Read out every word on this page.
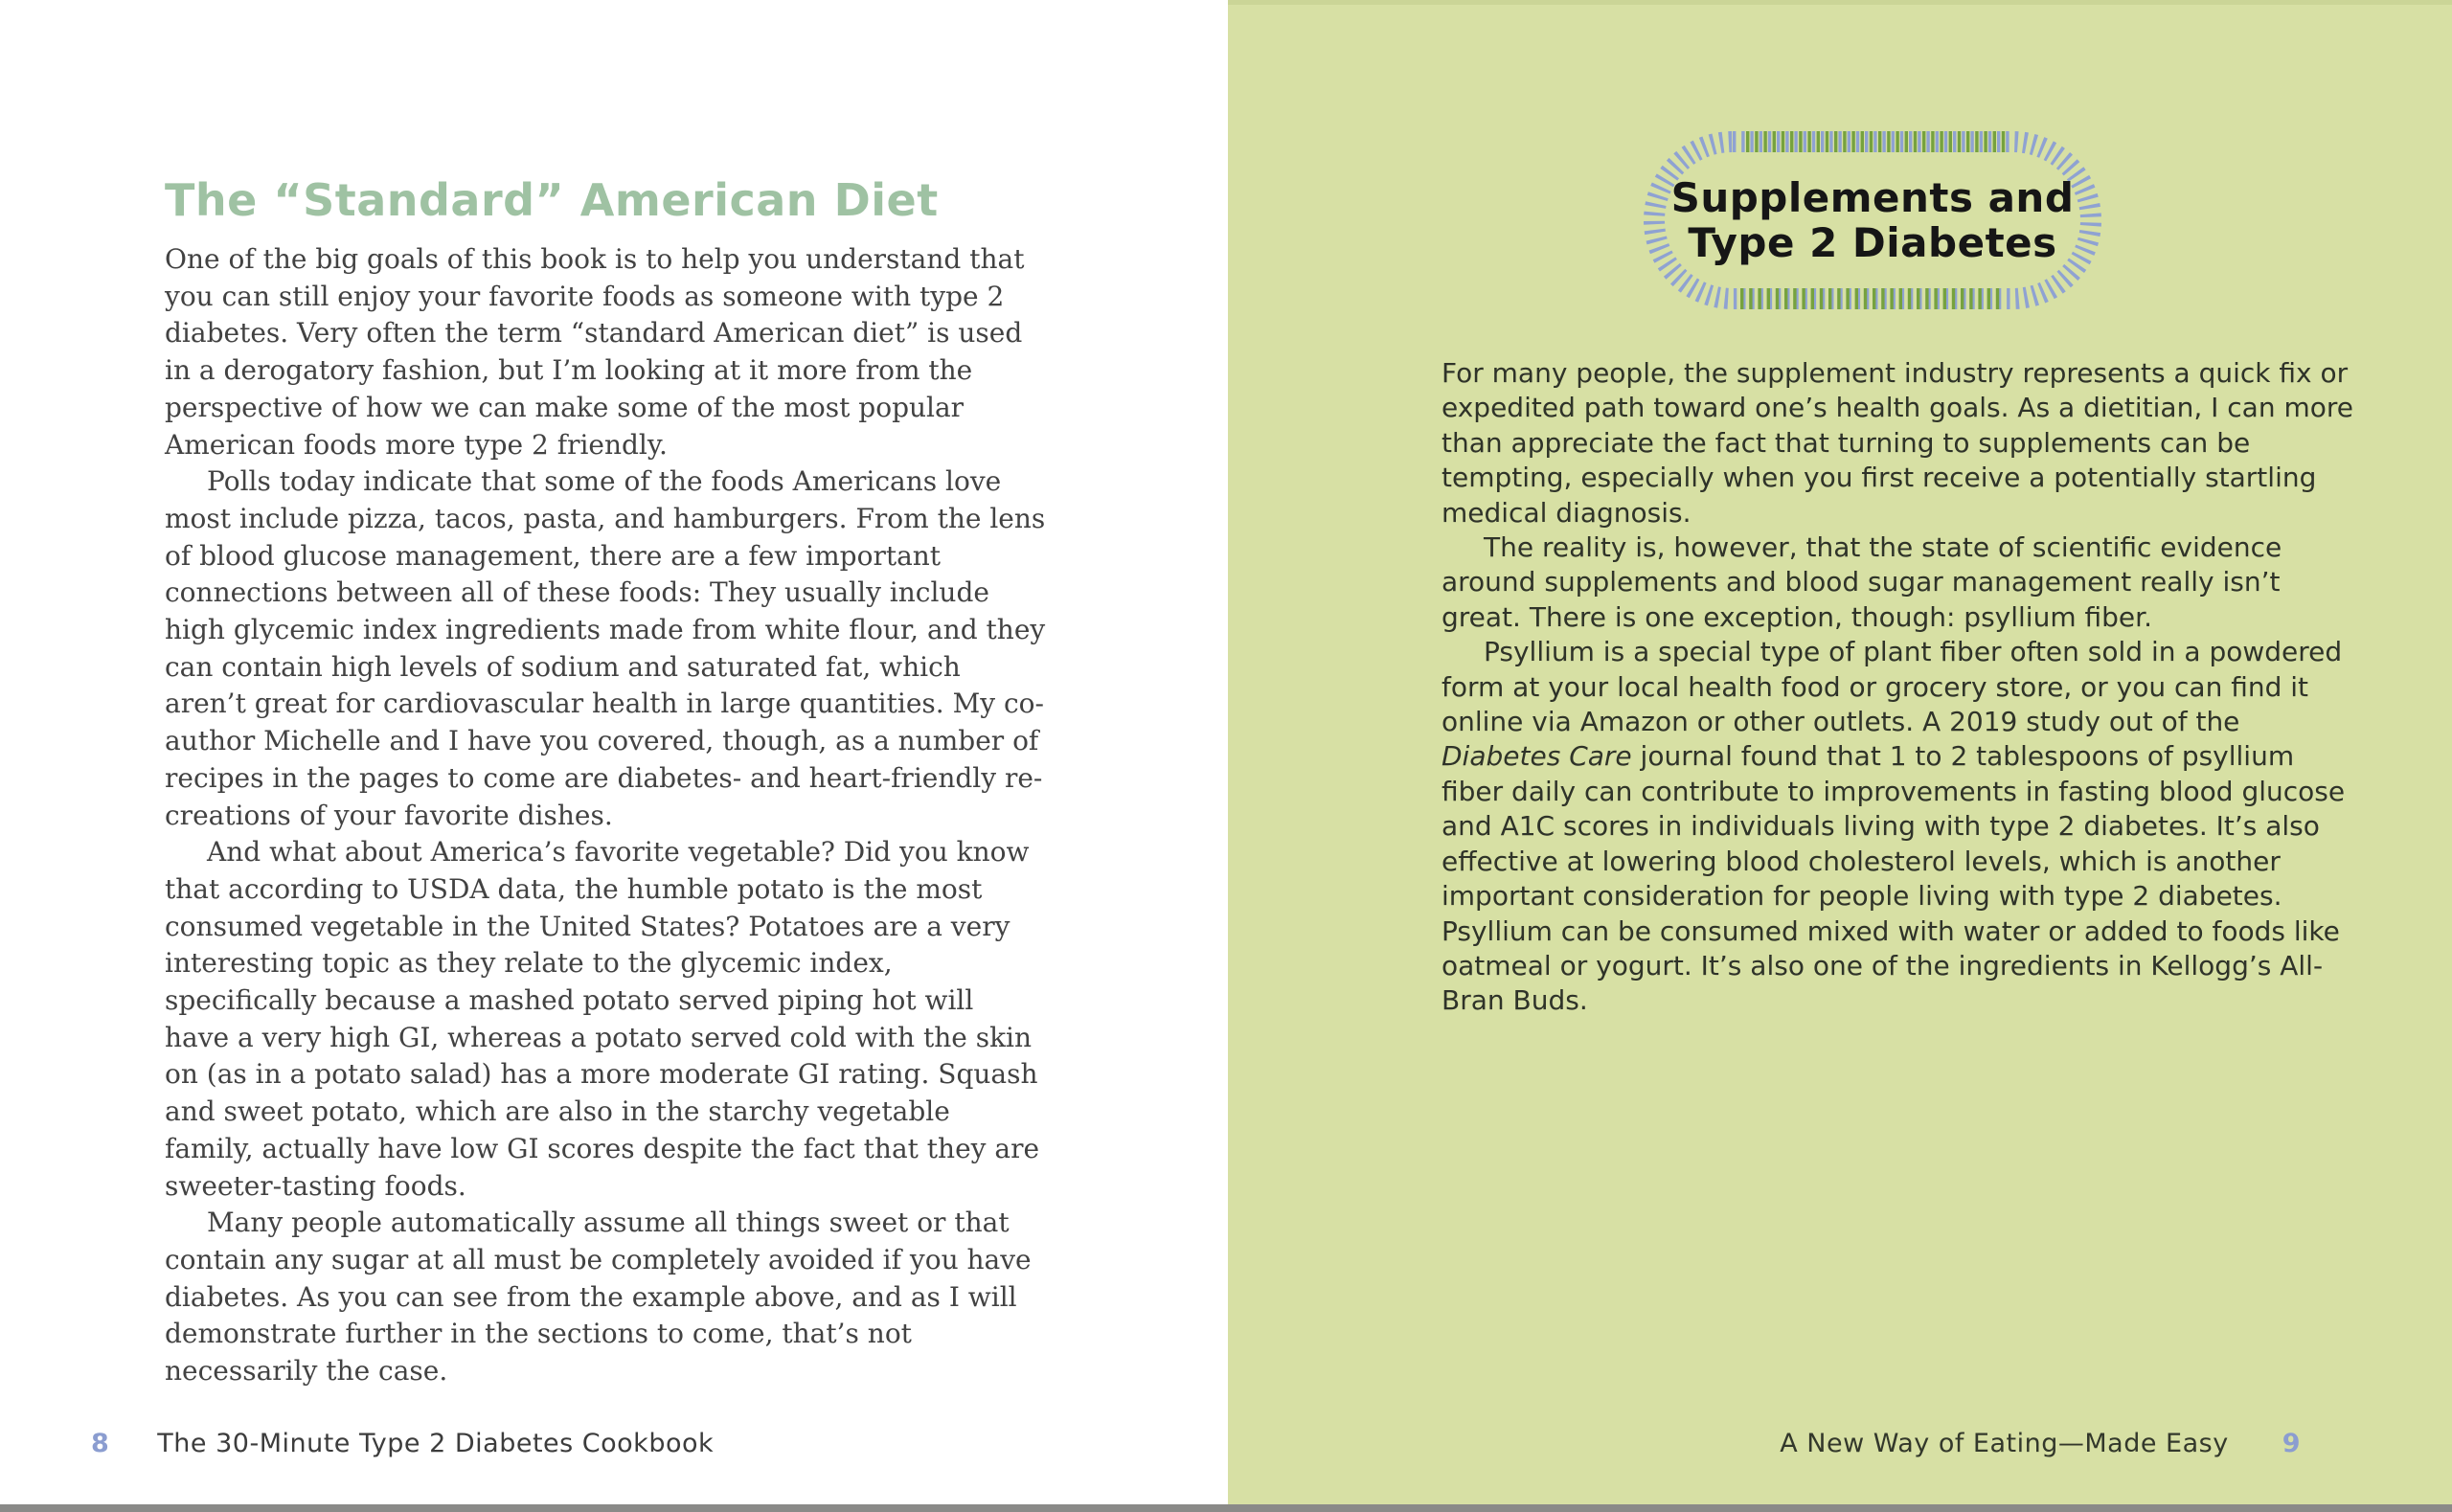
The “Standard” American Diet

One of the big goals of this book is to help you understand that you can still enjoy your favorite foods as someone with type 2 diabetes. Very often the term “standard American diet” is used in a derogatory fashion, but I’m looking at it more from the perspective of how we can make some of the most popular American foods more type 2 friendly.

Polls today indicate that some of the foods Americans love most include pizza, tacos, pasta, and hamburgers. From the lens of blood glucose management, there are a few important connections between all of these foods: They usually include high glycemic index ingredients made from white flour, and they can contain high levels of sodium and saturated fat, which aren’t great for cardiovascular health in large quantities. My co-author Michelle and I have you covered, though, as a number of recipes in the pages to come are diabetes- and heart-friendly re-creations of your favorite dishes.

And what about America’s favorite vegetable? Did you know that according to USDA data, the humble potato is the most consumed vegetable in the United States? Potatoes are a very interesting topic as they relate to the glycemic index, specifically because a mashed potato served piping hot will have a very high GI, whereas a potato served cold with the skin on (as in a potato salad) has a more moderate GI rating. Squash and sweet potato, which are also in the starchy vegetable family, actually have low GI scores despite the fact that they are sweeter-tasting foods.

Many people automatically assume all things sweet or that contain any sugar at all must be completely avoided if you have diabetes. As you can see from the example above, and as I will demonstrate further in the sections to come, that’s not necessarily the case.

8 The 30-Minute Type 2 Diabetes Cookbook
Supplements and
Type 2 Diabetes

For many people, the supplement industry represents a quick fix or expedited path toward one’s health goals. As a dietitian, I can more than appreciate the fact that turning to supplements can be tempting, especially when you first receive a potentially startling medical diagnosis.

The reality is, however, that the state of scientific evidence around supplements and blood sugar management really isn’t great. There is one exception, though: psyllium fiber.

Psyllium is a special type of plant fiber often sold in a powdered form at your local health food or grocery store, or you can find it online via Amazon or other outlets. A 2019 study out of the Diabetes Care journal found that 1 to 2 tablespoons of psyllium fiber daily can contribute to improvements in fasting blood glucose and A1C scores in individuals living with type 2 diabetes. It’s also effective at lowering blood cholesterol levels, which is another important consideration for people living with type 2 diabetes. Psyllium can be consumed mixed with water or added to foods like oatmeal or yogurt. It’s also one of the ingredients in Kellogg’s All-Bran Buds.

A New Way of Eating—Made Easy 9
